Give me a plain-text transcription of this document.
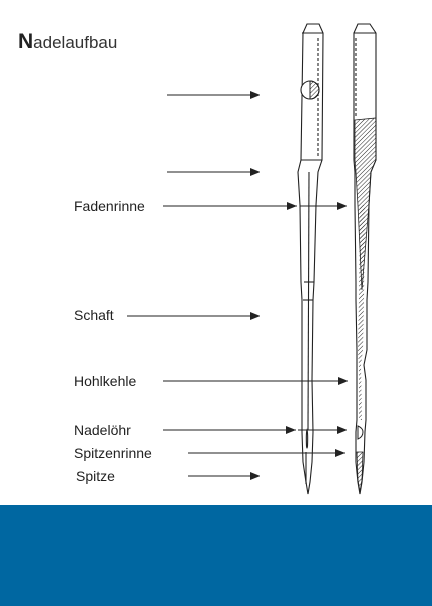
Nadelaufbau
Fadenrinne
Schaft
Hohlkehle
Nadelöhr
Spitzenrinne
Spitze
